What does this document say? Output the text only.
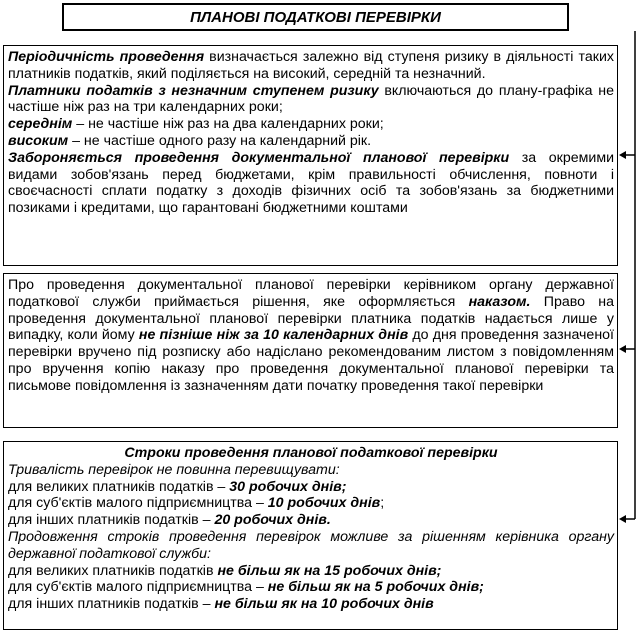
ПЛАНОВІ ПОДАТКОВІ ПЕРЕВІРКИ
Періодичність проведення визначається залежно від ступеня ризику в діяльності таких платників податків, який поділяється на високий, середній та незначний.
Платники податків з незначним ступенем ризику включаються до плану-графіка не частіше ніж раз на три календарних роки;
середнім – не частіше ніж раз на два календарних роки;
високим – не частіше одного разу на календарний рік.
Забороняється проведення документальної планової перевірки за окремими видами зобов'язань перед бюджетами, крім правильності обчислення, повноти і своєчасності сплати податку з доходів фізичних осіб та зобов'язань за бюджетними позиками і кредитами, що гарантовані бюджетними коштами
Про проведення документальної планової перевірки керівником органу державної податкової служби приймається рішення, яке оформляється наказом. Право на проведення документальної планової перевірки платника податків надається лише у випадку, коли йому не пізніше ніж за 10 календарних днів до дня проведення зазначеної перевірки вручено під розписку або надіслано рекомендованим листом з повідомленням про вручення копію наказу про проведення документальної планової перевірки та письмове повідомлення із зазначенням дати початку проведення такої перевірки
Строки проведення планової податкової перевірки
Тривалість перевірок не повинна перевищувати:
для великих платників податків – 30 робочих днів;
для суб'єктів малого підприємництва – 10 робочих днів;
для інших платників податків – 20 робочих днів.
Продовження строків проведення перевірок можливе за рішенням керівника органу державної податкової служби:
для великих платників податків не більш як на 15 робочих днів;
для суб'єктів малого підприємництва – не більш як на 5 робочих днів;
для інших платників податків – не більш як на 10 робочих днів
